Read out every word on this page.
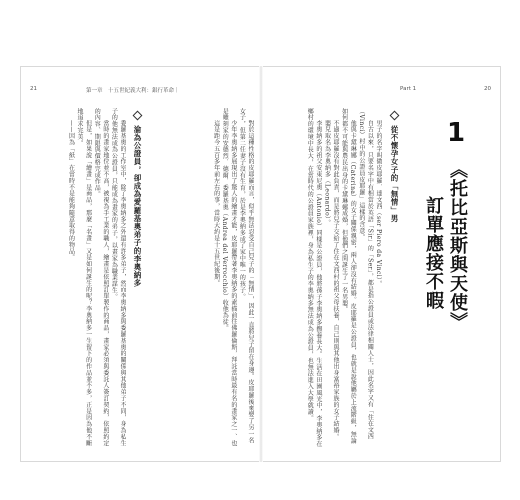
21	第一章　十五世紀義大利：銀行革命｜	Part 1	20
1
《托比亞斯與天使》
訂單應接不暇
從不懷孕女子的「無情」男

男子的名字叫做皮耶羅．達文西（ser Piero da Vinci）。

自古以來，只要名字中有相當於英語「Sir」的「Ser」，都是指公證員或法律相關人士，因此名字又有「住在文西（Vinci）村中的公證員皮耶羅」這樣的含意。

他與卡黛琳娜（Caterina）的女子關係親密，兩人卻沒有結婚。皮耶羅是公證員，也就是說他屬於上流階級，無論如何都不可能與農民出身的卡黛琳娜成婚，但他們之間誕生了一名男嬰。

不過皮耶羅沒有對此負責，而是將兒子交給了住在文西村的祖父母扶養，自己則與其他出身富裕家族的女子結婚。

嬰兒取名為李奧納多（Leonardo）。

李奧納多的祖父安東尼奧（Antonio）同樣是公證員，他將孫子李奧納多撫養長大。生活在田園風光中，李奧納多在鄉村的環境中長大，在當時代的公證員家族裡，身為私生子的李奧納多無法成為公證員，也無法進入大學就讀。

對於這種性格的皮耶羅而言，似乎無法忍受自己兒子的「無情」，因此一直將兒子留在身邊。皮耶羅後來娶了另一名女子，但第二任妻子沒有生育，於是李奧納多成了家中唯一的孩子。

少年李奧納多展現出了驚人的繪畫才能，皮耶羅帶著李奧納多的素描前往佛羅倫斯，拜託當時最有名的畫家之一、也是雕刻家的安德烈．德爾．委羅基奧（Andrea del Verrocchio）收他為徒。

這是距今五百多年前左右的事，當時大約是十五世紀後期。

淪為公證員，卻成為愛羅基奧弟子的李奧納多

委羅基奧的工作室中，除了李奧納多之外還有許多弟子，然而李奧納多與委羅基奧的關係與其他弟子不同，身為私生子的他無法成為公證員，只能成為畫家的弟子，以畫家為職業謀生。

當時的畫家地位並不高，被視為手工業的職人，繪畫是依照訂單製作的商品，畫家必須與委託人簽訂契約，依照約定的內容、期限與價格完成作品。

但是，如果說「繪畫」是商品，那麼「名畫」又是如何誕生的呢？李奧納多一生留下的作品並不多，正是因為他不斷地追求完美。

——因為「紙」在當時不是能夠隨意取得的物品。
